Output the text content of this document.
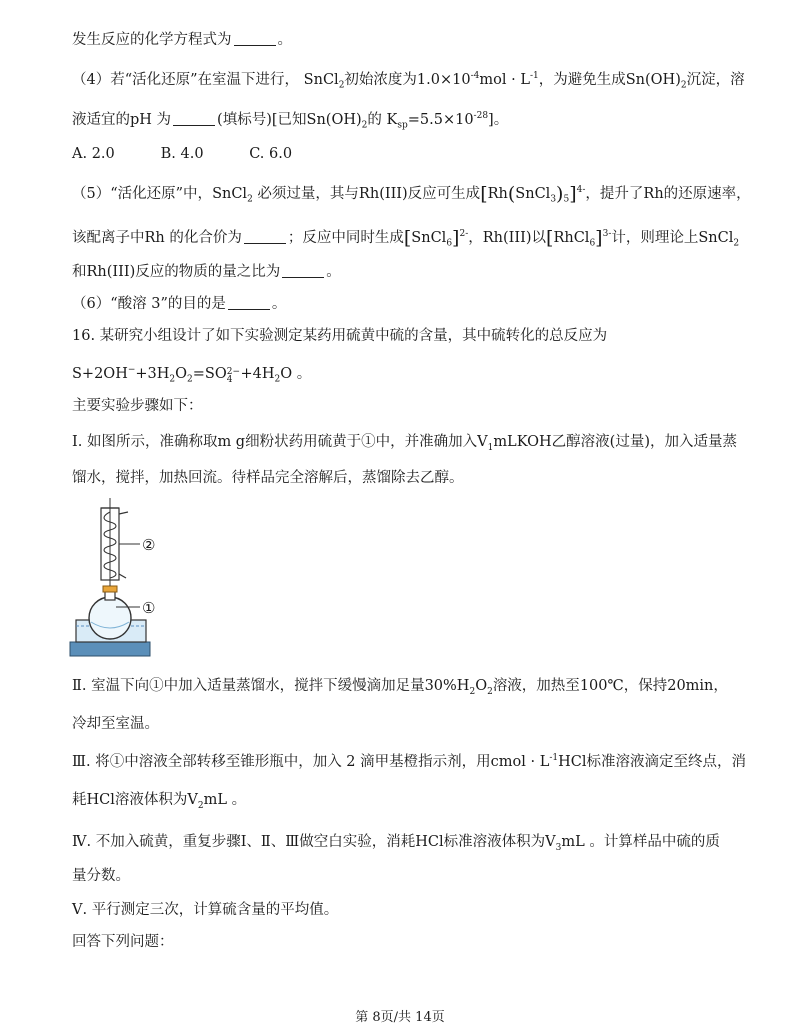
发生反应的化学方程式为	。
（4）若“活化还原”在室温下进行， SnCl$_2$初始浓度为$1.0\times 10^{-4}mol \cdot L^{-1}$，为避免生成$Sn(OH)_2$沉淀，溶
液适宜的pH 为	(填标号)[已知$Sn(OH)_2$的 $K_{sp}=5.5\times 10^{-28}$]。
A. 2.0	B. 4.0	C. 6.0
（5）“活化还原”中，SnCl$_2$ 必须过量，其与Rh(III)反应可生成$[Rh(SnCl_3)_5]^{4-}$，提升了Rh的还原速率，
该配离子中Rh 的化合价为	；反应中同时生成[SnCl$_6$]$^{2-}$，Rh(III)以[RhCl$_6$]$^{3-}$计，则理论上SnCl$_2$
和Rh(III)反应的物质的量之比为	。
（6）“酸溶 3”的目的是	。
16. 某研究小组设计了如下实验测定某药用硫黄中硫的含量，其中硫转化的总反应为
$S+2OH^-+3H_2O_2=SO$ $_{2- 4} +4H_2O$ 。
主要实验步骤如下：
Ⅰ. 如图所示，准确称取m g细粉状药用硫黄于①中，并准确加入$V_1mLKOH$乙醇溶液(过量)，加入适量蒸
馏水，搅拌，加热回流。待样品完全溶解后，蒸馏除去乙醇。
②
①
Ⅱ. 室温下向①中加入适量蒸馏水，搅拌下缓慢滴加足量$30\%H_2O_2$溶液，加热至100℃，保持20min，
冷却至室温。
Ⅲ. 将①中溶液全部转移至锥形瓶中，加入 2 滴甲基橙指示剂，用cmol · $L^{-1}HCl$标准溶液滴定至终点，消
耗HCl溶液体积为$V_2mL$ 。
Ⅳ. 不加入硫黄，重复步骤Ⅰ、Ⅱ、Ⅲ做空白实验，消耗HCl标准溶液体积为$V_3mL$ 。计算样品中硫的质
量分数。
Ⅴ. 平行测定三次，计算硫含量的平均值。
回答下列问题：
第 8页/共 14页
